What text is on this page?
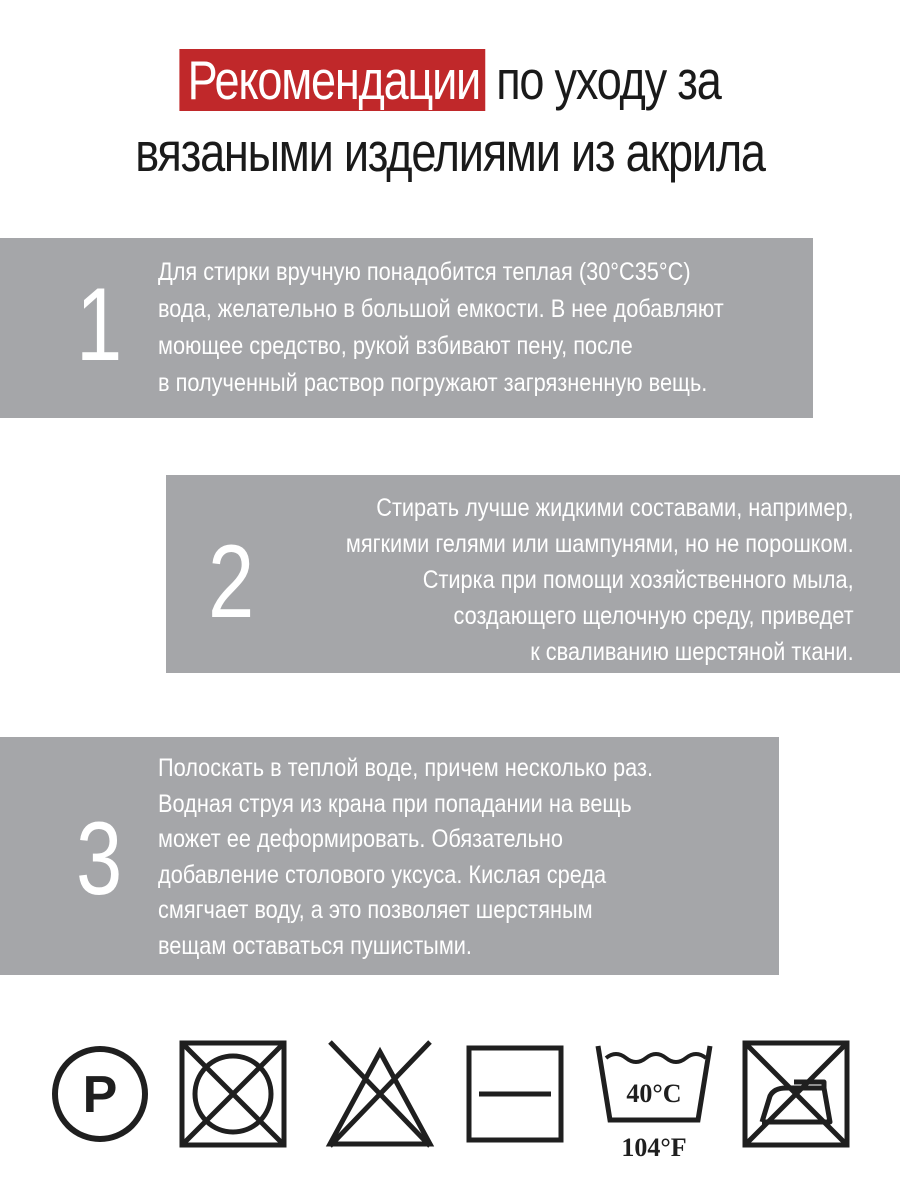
Рекомендации по уходу за
вязаными изделиями из акрила
1 Для стирки вручную понадобится теплая (30°С35°С)
вода, желательно в большой емкости. В нее добавляют
моющее средство, рукой взбивают пену, после
в полученный раствор погружают загрязненную вещь.
2
Стирать лучше жидкими составами, например,
мягкими гелями или шампунями, но не порошком.
Стирка при помощи хозяйственного мыла,
создающего щелочную среду, приведет
к сваливанию шерстяной ткани.
3
Полоскать в теплой воде, причем несколько раз.
Водная струя из крана при попадании на вещь
может ее деформировать. Обязательно
добавление столового уксуса. Кислая среда
смягчает воду, а это позволяет шерстяным
вещам оставаться пушистыми.
P	40°C
104°F
